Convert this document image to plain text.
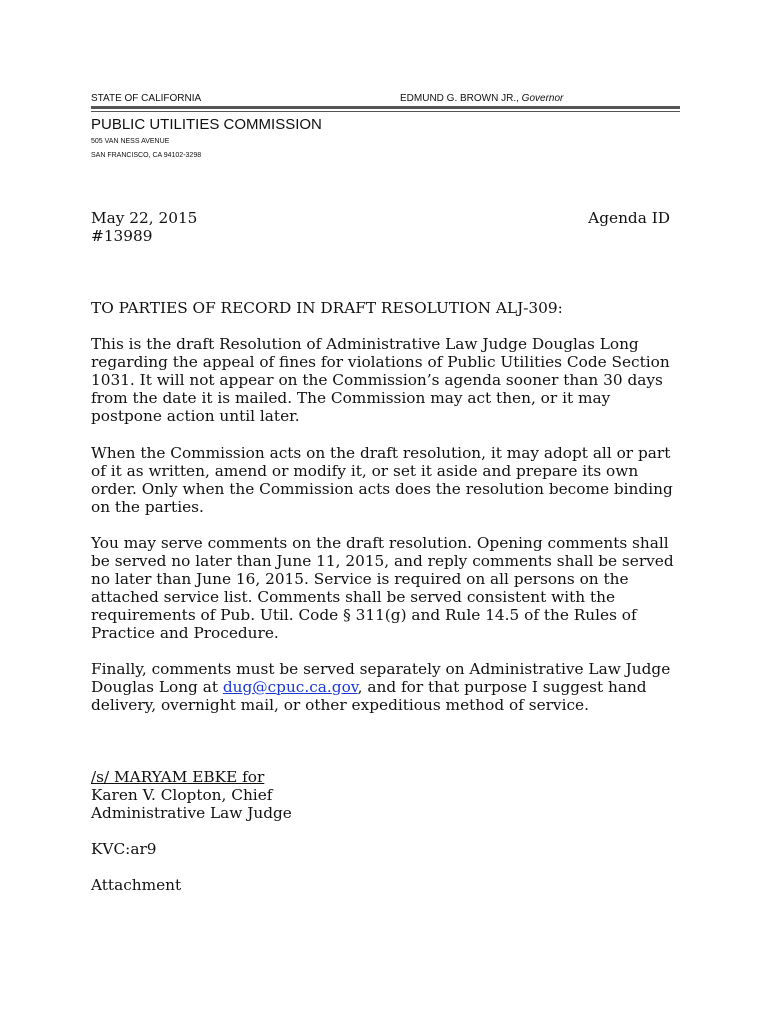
STATE OF CALIFORNIA	EDMUND G. BROWN JR., Governor
PUBLIC UTILITIES COMMISSION
505 VAN NESS AVENUE
SAN FRANCISCO, CA 94102-3298
May 22, 2015	Agenda ID
#13989
TO PARTIES OF RECORD IN DRAFT RESOLUTION ALJ-309:
This is the draft Resolution of Administrative Law Judge Douglas Long
regarding the appeal of fines for violations of Public Utilities Code Section
1031. It will not appear on the Commission’s agenda sooner than 30 days
from the date it is mailed. The Commission may act then, or it may
postpone action until later.
When the Commission acts on the draft resolution, it may adopt all or part
of it as written, amend or modify it, or set it aside and prepare its own
order. Only when the Commission acts does the resolution become binding
on the parties.
You may serve comments on the draft resolution. Opening comments shall
be served no later than June 11, 2015, and reply comments shall be served
no later than June 16, 2015. Service is required on all persons on the
attached service list. Comments shall be served consistent with the
requirements of Pub. Util. Code § 311(g) and Rule 14.5 of the Rules of
Practice and Procedure.
Finally, comments must be served separately on Administrative Law Judge
Douglas Long at dug@cpuc.ca.gov, and for that purpose I suggest hand
delivery, overnight mail, or other expeditious method of service.
/s/ MARYAM EBKE for
Karen V. Clopton, Chief
Administrative Law Judge
KVC:ar9
Attachment
